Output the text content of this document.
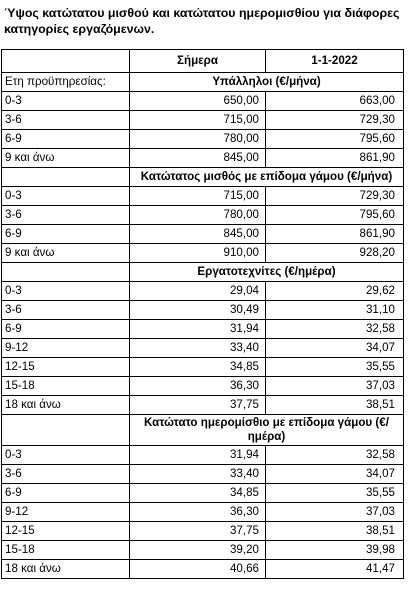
Ύψος κατώτατου μισθού και κατώτατου ημερομισθίου για διάφορες κατηγορίες εργαζόμενων.
	Σήμερα	1-1-2022
Ετη προϋπηρεσίας:	Υπάλληλοι (€/μήνα)	
0-3	650,00	663,00
3-6	715,00	729,30
6-9	780,00	795,60
9 και άνω	845,00	861,90
	Κατώτατος μισθός με επίδομα γάμου (€/μήνα)	
0-3	715,00	729,30
3-6	780,00	795,60
6-9	845,00	861,90
9 και άνω	910,00	928,20
	Εργατοτεχνίτες (€/ημέρα)	
0-3	29,04	29,62
3-6	30,49	31,10
6-9	31,94	32,58
9-12	33,40	34,07
12-15	34,85	35,55
15-18	36,30	37,03
18 και άνω	37,75	38,51
	Κατώτατο ημερομίσθιο με επίδομα γάμου (€/ ημέρα)	
0-3	31,94	32,58
3-6	33,40	34,07
6-9	34,85	35,55
9-12	36,30	37,03
12-15	37,75	38,51
15-18	39,20	39,98
18 και άνω	40,66	41,47
